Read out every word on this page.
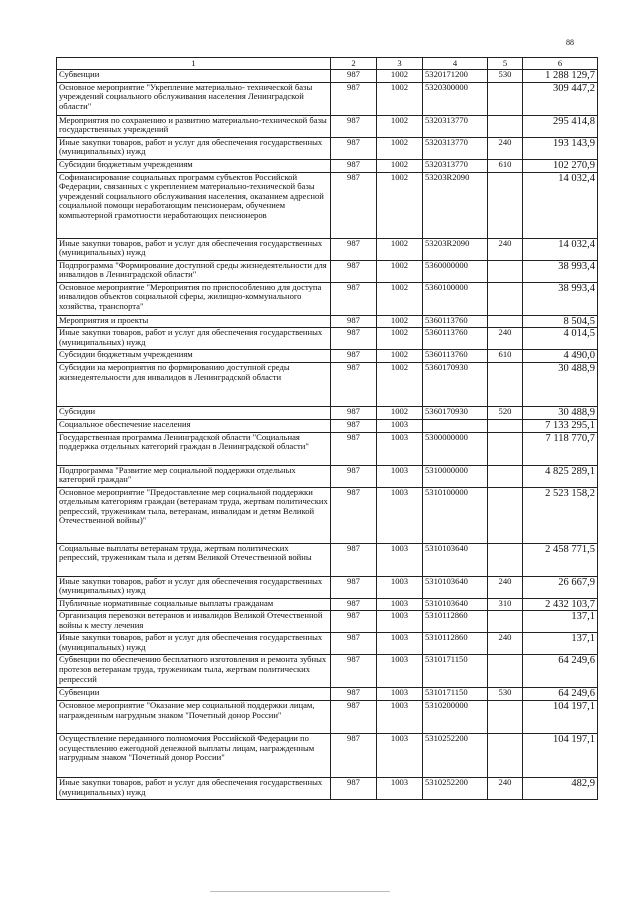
88
1	2	3	4	5	6
Субвенции	987	1002	5320171200	530	1 288 129,7
Основное мероприятие "Укрепление материально- технической базы учреждений социального обслуживания населения Ленинградской области"	987	1002	5320300000		309 447,2
Мероприятия по сохранению и развитию материально-технической базы государственных учреждений	987	1002	5320313770		295 414,8
Иные закупки товаров, работ и услуг для обеспечения государственных (муниципальных) нужд	987	1002	5320313770	240	193 143,9
Субсидии бюджетным учреждениям	987	1002	5320313770	610	102 270,9
Софинансирование социальных программ субъектов Российской Федерации, связанных с укреплением материально-технической базы учреждений социального обслуживания населения, оказанием адресной социальной помощи неработающим пенсионерам, обучением компьютерной грамотности неработающих пенсионеров	987	1002	53203R2090		14 032,4
Иные закупки товаров, работ и услуг для обеспечения государственных (муниципальных) нужд	987	1002	53203R2090	240	14 032,4
Подпрограмма "Формирование доступной среды жизнедеятельности для инвалидов в Ленинградской области"	987	1002	5360000000		38 993,4
Основное мероприятие "Мероприятия по приспособлению для доступа инвалидов объектов социальной сферы, жилищно-коммунального хозяйства, транспорта"	987	1002	5360100000		38 993,4
Мероприятия и проекты	987	1002	5360113760		8 504,5
Иные закупки товаров, работ и услуг для обеспечения государственных (муниципальных) нужд	987	1002	5360113760	240	4 014,5
Субсидии бюджетным учреждениям	987	1002	5360113760	610	4 490,0
Субсидии на мероприятия по формированию доступной среды жизнедеятельности для инвалидов в Ленинградской области	987	1002	5360170930		30 488,9
Субсидии	987	1002	5360170930	520	30 488,9
Социальное обеспечение населения	987	1003			7 133 295,1
Государственная программа Ленинградской области "Социальная поддержка отдельных категорий граждан в Ленинградской области"	987	1003	5300000000		7 118 770,7
Подпрограмма "Развитие мер социальной поддержки отдельных категорий граждан"	987	1003	5310000000		4 825 289,1
Основное мероприятие "Предоставление мер социальной поддержки отдельным категориям граждан (ветеранам труда, жертвам политических репрессий, труженикам тыла, ветеранам, инвалидам и детям Великой Отечественной войны)"	987	1003	5310100000		2 523 158,2
Социальные выплаты ветеранам труда, жертвам политических репрессий, труженикам тыла и детям Великой Отечественной войны	987	1003	5310103640		2 458 771,5
Иные закупки товаров, работ и услуг для обеспечения государственных (муниципальных) нужд	987	1003	5310103640	240	26 667,9
Публичные нормативные социальные выплаты гражданам	987	1003	5310103640	310	2 432 103,7
Организация перевозки ветеранов и инвалидов Великой Отечественной войны к месту лечения	987	1003	5310112860		137,1
Иные закупки товаров, работ и услуг для обеспечения государственных (муниципальных) нужд	987	1003	5310112860	240	137,1
Субвенции по обеспечению бесплатного изготовления и ремонта зубных протезов ветеранам труда, труженикам тыла, жертвам политических репрессий	987	1003	5310171150		64 249,6
Субвенции	987	1003	5310171150	530	64 249,6
Основное мероприятие "Оказание мер социальной поддержки лицам, награжденным нагрудным знаком "Почетный донор России"	987	1003	5310200000		104 197,1
Осуществление переданного полномочия Российской Федерации по осуществлению ежегодной денежной выплаты лицам, награжденным нагрудным знаком "Почетный донор России"	987	1003	5310252200		104 197,1
Иные закупки товаров, работ и услуг для обеспечения государственных (муниципальных) нужд	987	1003	5310252200	240	482,9
